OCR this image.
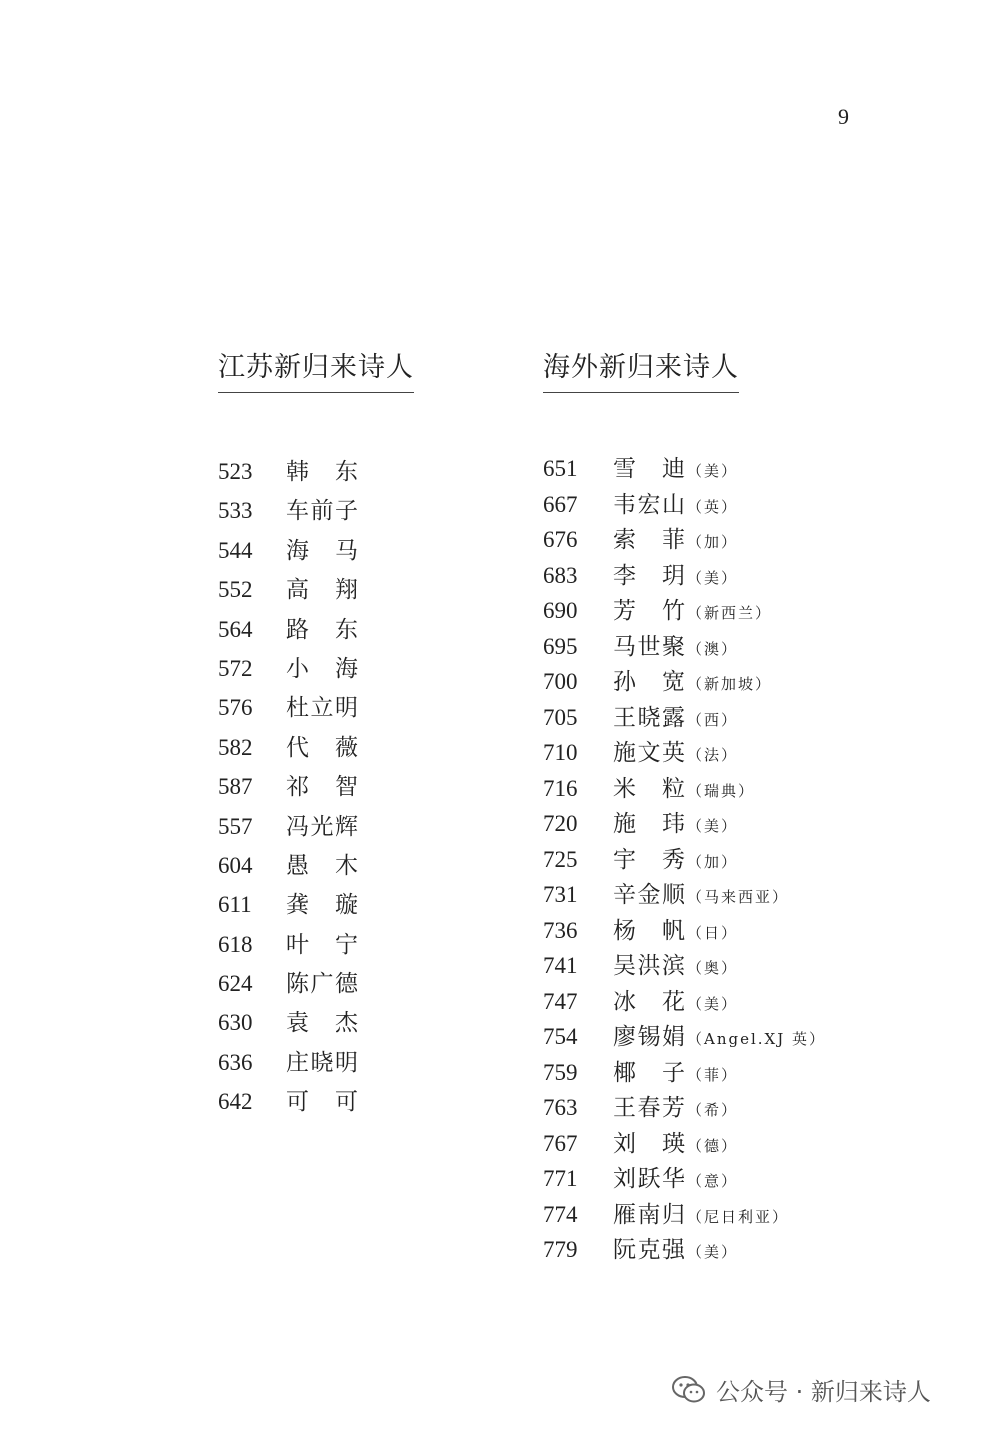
9
江苏新归来诗人
523	韩东
533	车前子
544	海马
552	高翔
564	路东
572	小海
576	杜立明
582	代薇
587	祁智
557	冯光辉
604	愚木
611	龚璇
618	叶宁
624	陈广德
630	袁杰
636	庄晓明
642	可可
海外新归来诗人
651	雪迪 （美）
667	韦宏山 （英）
676	索菲 （加）
683	李玥 （美）
690	芳竹 （新西兰）
695	马世聚 （澳）
700	孙宽 （新加坡）
705	王晓露 （西）
710	施文英 （法）
716	米粒 （瑞典）
720	施玮 （美）
725	宇秀 （加）
731	辛金顺 （马来西亚）
736	杨帆 （日）
741	吴洪滨 （奥）
747	冰花 （美）
754	廖锡娟 （Angel.XJ 英）
759	椰子 （菲）
763	王春芳 （希）
767	刘瑛 （德）
771	刘跃华 （意）
774	雁南归 （尼日利亚）
779	阮克强 （美）
公众号 · 新归来诗人
